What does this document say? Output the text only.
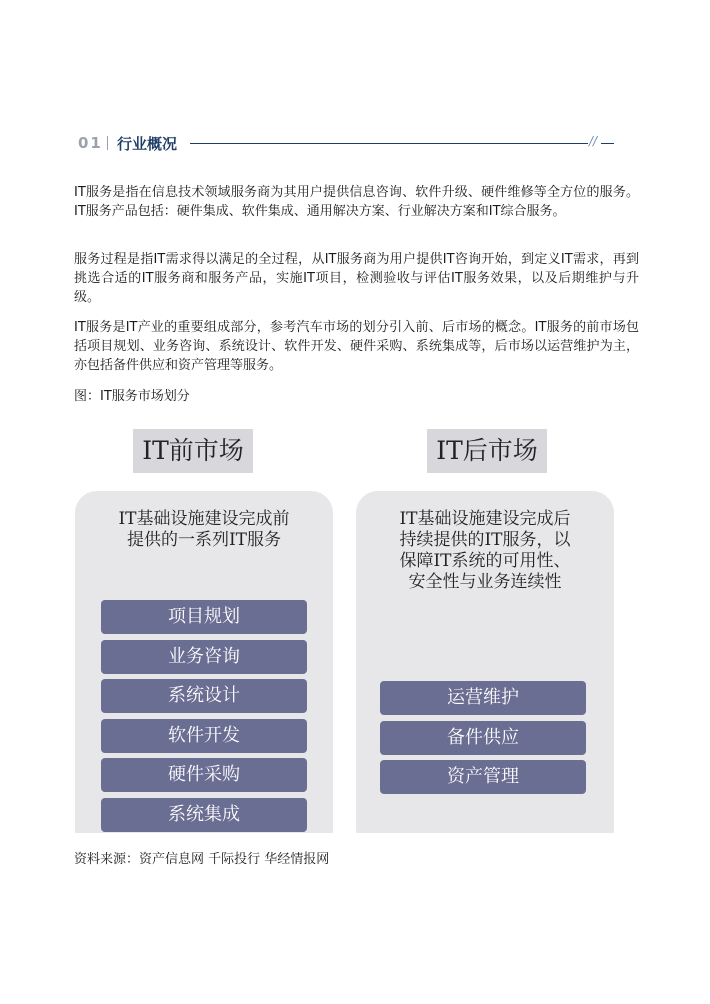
01 行业概况	//

IT服务是指在信息技术领域服务商为其用户提供信息咨询、软件升级、硬件维修等全方位的服务。IT服务产品包括：硬件集成、软件集成、通用解决方案、行业解决方案和IT综合服务。

服务过程是指IT需求得以满足的全过程，从IT服务商为用户提供IT咨询开始，到定义IT需求，再到挑选合适的IT服务商和服务产品，实施IT项目，检测验收与评估IT服务效果，以及后期维护与升级。

IT服务是IT产业的重要组成部分，参考汽车市场的划分引入前、后市场的概念。IT服务的前市场包括项目规划、业务咨询、系统设计、软件开发、硬件采购、系统集成等，后市场以运营维护为主，亦包括备件供应和资产管理等服务。

图：IT服务市场划分

IT前市场	IT后市场

IT基础设施建设完成前
提供的一系列IT服务

项目规划
业务咨询
系统设计
软件开发
硬件采购
系统集成

IT基础设施建设完成后
持续提供的IT服务，以
保障IT系统的可用性、
安全性与业务连续性

运营维护
备件供应
资产管理

资料来源：资产信息网 千际投行 华经情报网
